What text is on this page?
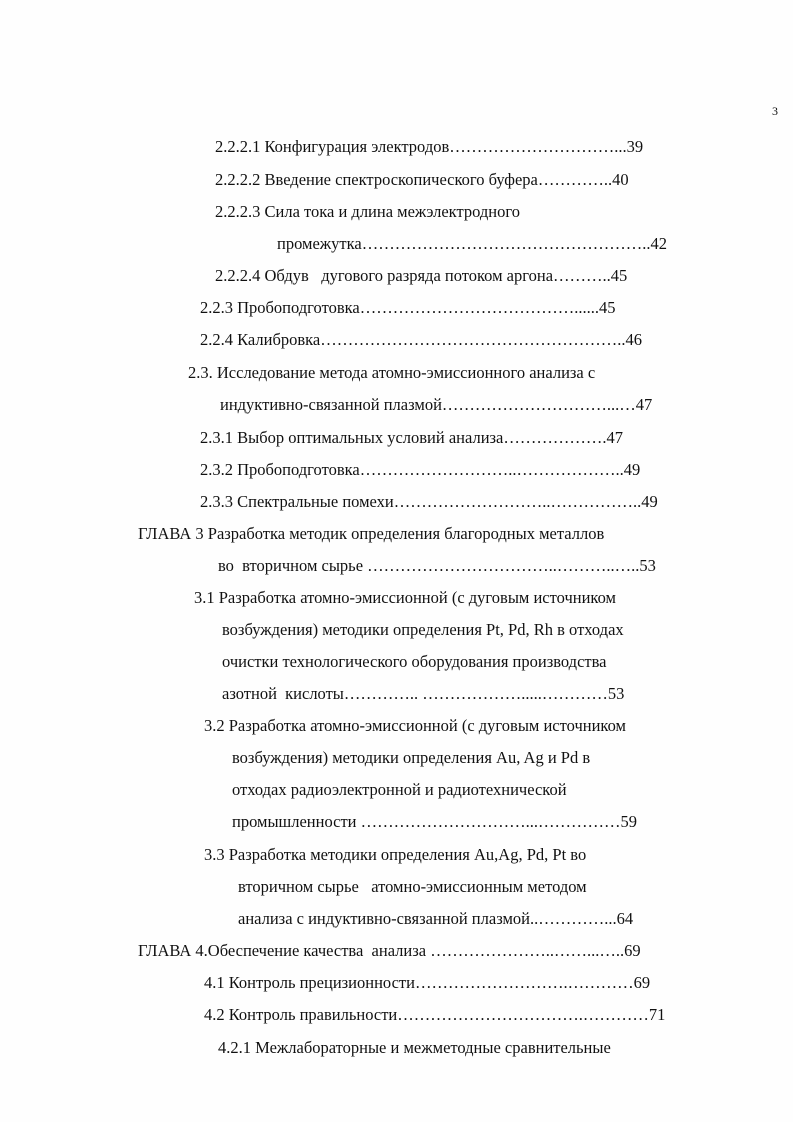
3
2.2.2.1 Конфигурация электродов…………………………...39
2.2.2.2 Введение спектроскопического буфера…………..40
2.2.2.3 Сила тока и длина межэлектродного
промежутка……………………………………………..42
2.2.2.4 Обдув   дугового разряда потоком аргона………..45
2.2.3 Пробоподготовка…………………………………......45
2.2.4 Калибровка………………………………………………..46
2.3. Исследование метода атомно-эмиссионного анализа с
индуктивно-связанной плазмой…………………………...…47
2.3.1 Выбор оптимальных условий анализа……………….47
2.3.2 Пробоподготовка………………………..………………..49
2.3.3 Спектральные помехи………………………..……………..49
ГЛАВА 3 Разработка методик определения благородных металлов
во  вторичном сырье ……………………………..………..…..53
3.1 Разработка атомно-эмиссионной (с дуговым источником
возбуждения) методики определения Pt, Pd, Rh в отходах
очистки технологического оборудования производства
азотной  кислоты………….. ……………….....…………53
3.2 Разработка атомно-эмиссионной (с дуговым источником
возбуждения) методики определения Au, Ag и Pd в
отходах радиоэлектронной и радиотехнической
промышленности …………………………...……………59
3.3 Разработка методики определения Au,Ag, Pd, Pt во
вторичном сырье   атомно-эмиссионным методом
анализа с индуктивно-связанной плазмой..…………...64
ГЛАВА 4.Обеспечение качества  анализа …………………..……...…..69
4.1 Контроль прецизионности……………………….…………69
4.2 Контроль правильности…………………………….…………71
4.2.1 Межлабораторные и межметодные сравнительные
